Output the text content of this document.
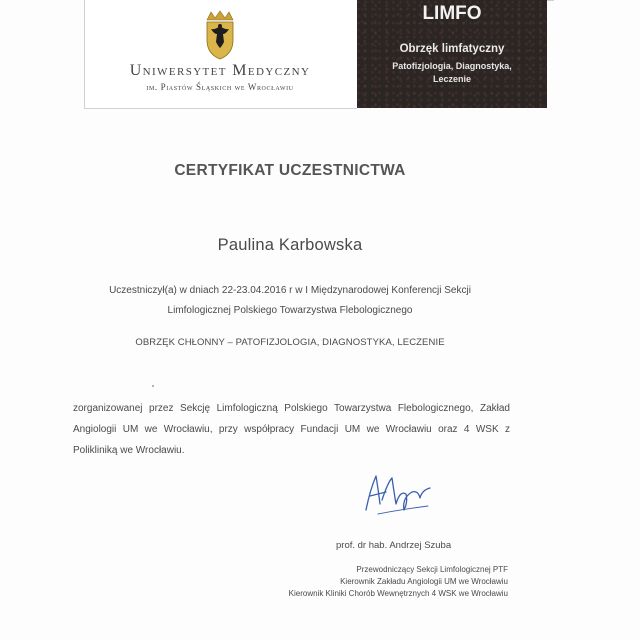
Uniwersytet Medyczny
im. Piastów Śląskich we Wrocławiu
LIMFO
Obrzęk limfatyczny
Patofizjologia, Diagnostyka,
Leczenie
CERTYFIKAT UCZESTNICTWA
Paulina Karbowska
Uczestniczył(a) w dniach 22-23.04.2016 r w I Międzynarodowej Konferencji Sekcji
Limfologicznej Polskiego Towarzystwa Flebologicznego
OBRZĘK CHŁONNY – PATOFIZJOLOGIA, DIAGNOSTYKA, LECZENIE
zorganizowanej przez Sekcję Limfologiczną Polskiego Towarzystwa Flebologicznego, Zakład Angiologii UM we Wrocławiu, przy współpracy Fundacji UM we Wrocławiu oraz 4 WSK z Polikliniką we Wrocławiu.
prof. dr hab. Andrzej Szuba
Przewodniczący Sekcji Limfologicznej PTF
Kierownik Zakładu Angiologii UM we Wrocławiu
Kierownik Kliniki Chorób Wewnętrznych 4 WSK we Wrocławiu
